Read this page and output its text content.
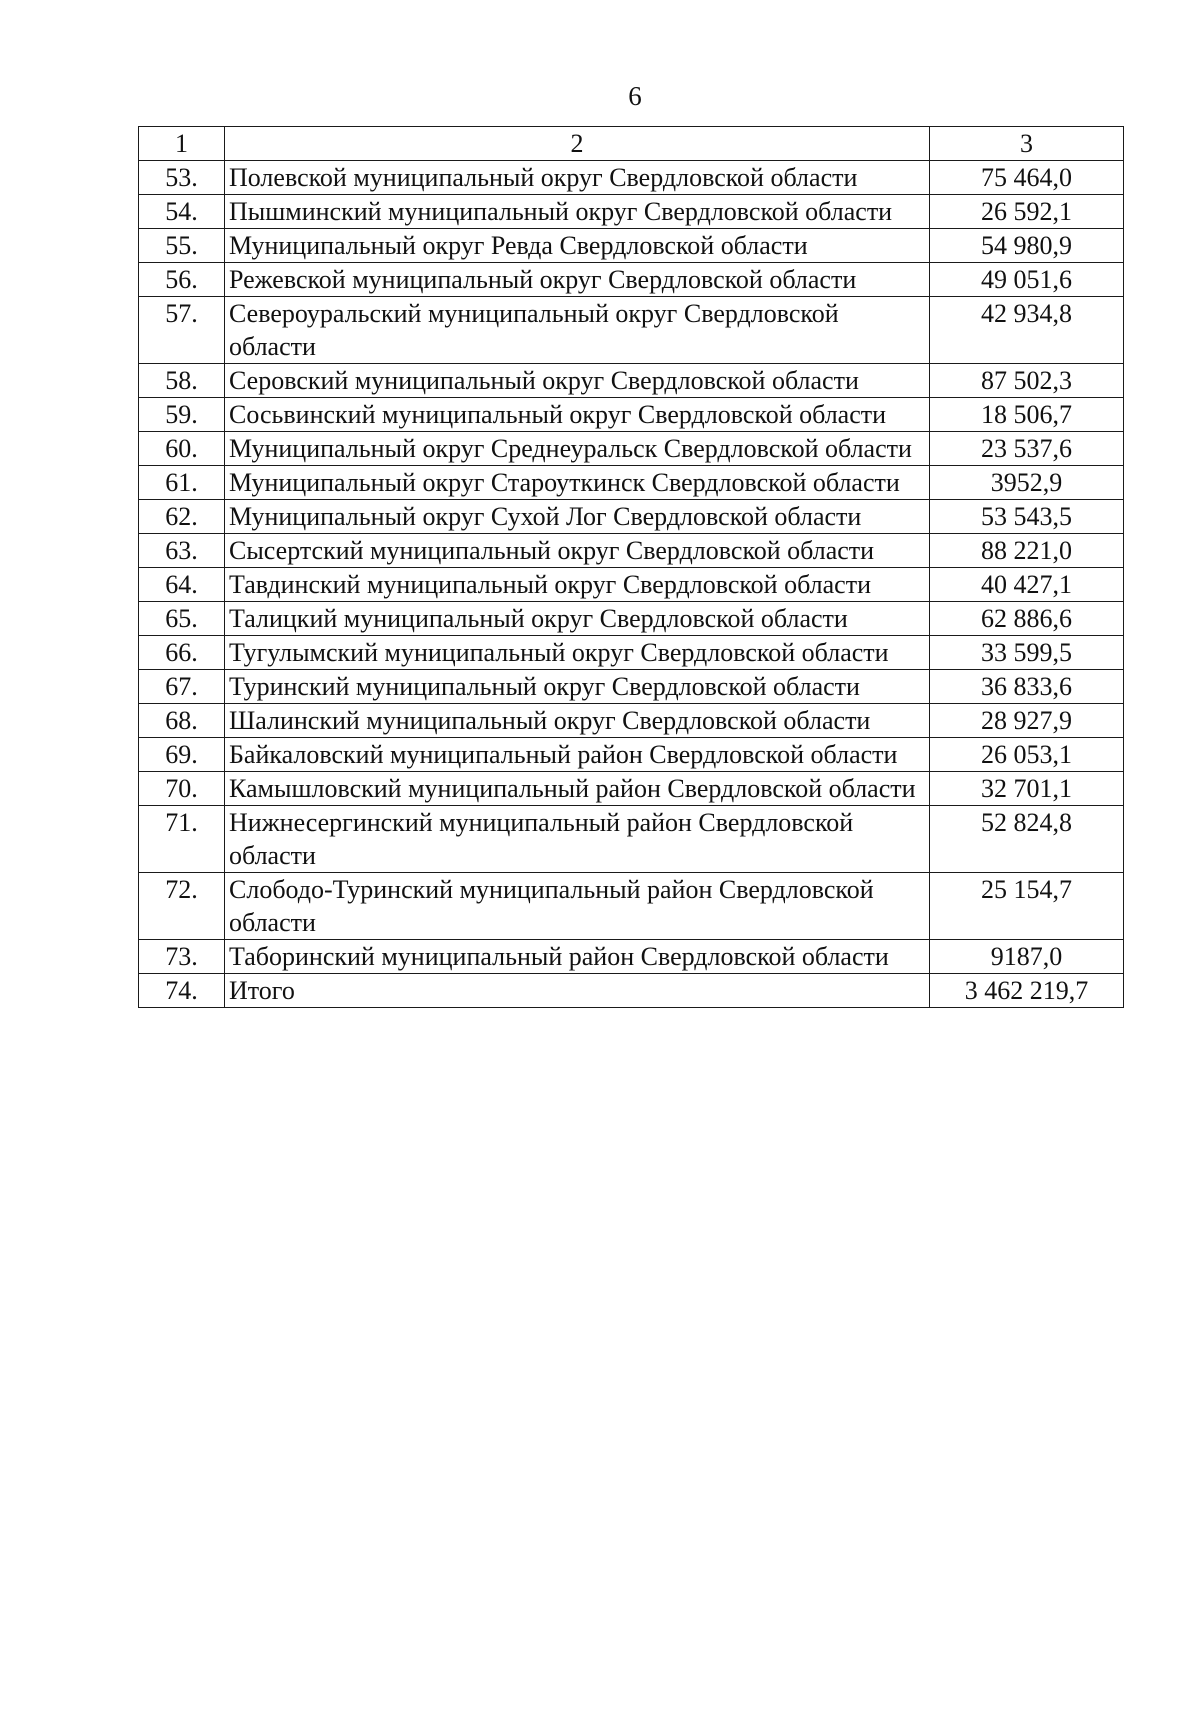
6
1	2	3
53.	Полевской муниципальный округ Свердловской области	75 464,0
54.	Пышминский муниципальный округ Свердловской области	26 592,1
55.	Муниципальный округ Ревда Свердловской области	54 980,9
56.	Режевской муниципальный округ Свердловской области	49 051,6
57.	Североуральский муниципальный округ Свердловской области	42 934,8
58.	Серовский муниципальный округ Свердловской области	87 502,3
59.	Сосьвинский муниципальный округ Свердловской области	18 506,7
60.	Муниципальный округ Среднеуральск Свердловской области	23 537,6
61.	Муниципальный округ Староуткинск Свердловской области	3952,9
62.	Муниципальный округ Сухой Лог Свердловской области	53 543,5
63.	Сысертский муниципальный округ Свердловской области	88 221,0
64.	Тавдинский муниципальный округ Свердловской области	40 427,1
65.	Талицкий муниципальный округ Свердловской области	62 886,6
66.	Тугулымский муниципальный округ Свердловской области	33 599,5
67.	Туринский муниципальный округ Свердловской области	36 833,6
68.	Шалинский муниципальный округ Свердловской области	28 927,9
69.	Байкаловский муниципальный район Свердловской области	26 053,1
70.	Камышловский муниципальный район Свердловской области	32 701,1
71.	Нижнесергинский муниципальный район Свердловской области	52 824,8
72.	Слободо-Туринский муниципальный район Свердловской области	25 154,7
73.	Таборинский муниципальный район Свердловской области	9187,0
74.	Итого	3 462 219,7
